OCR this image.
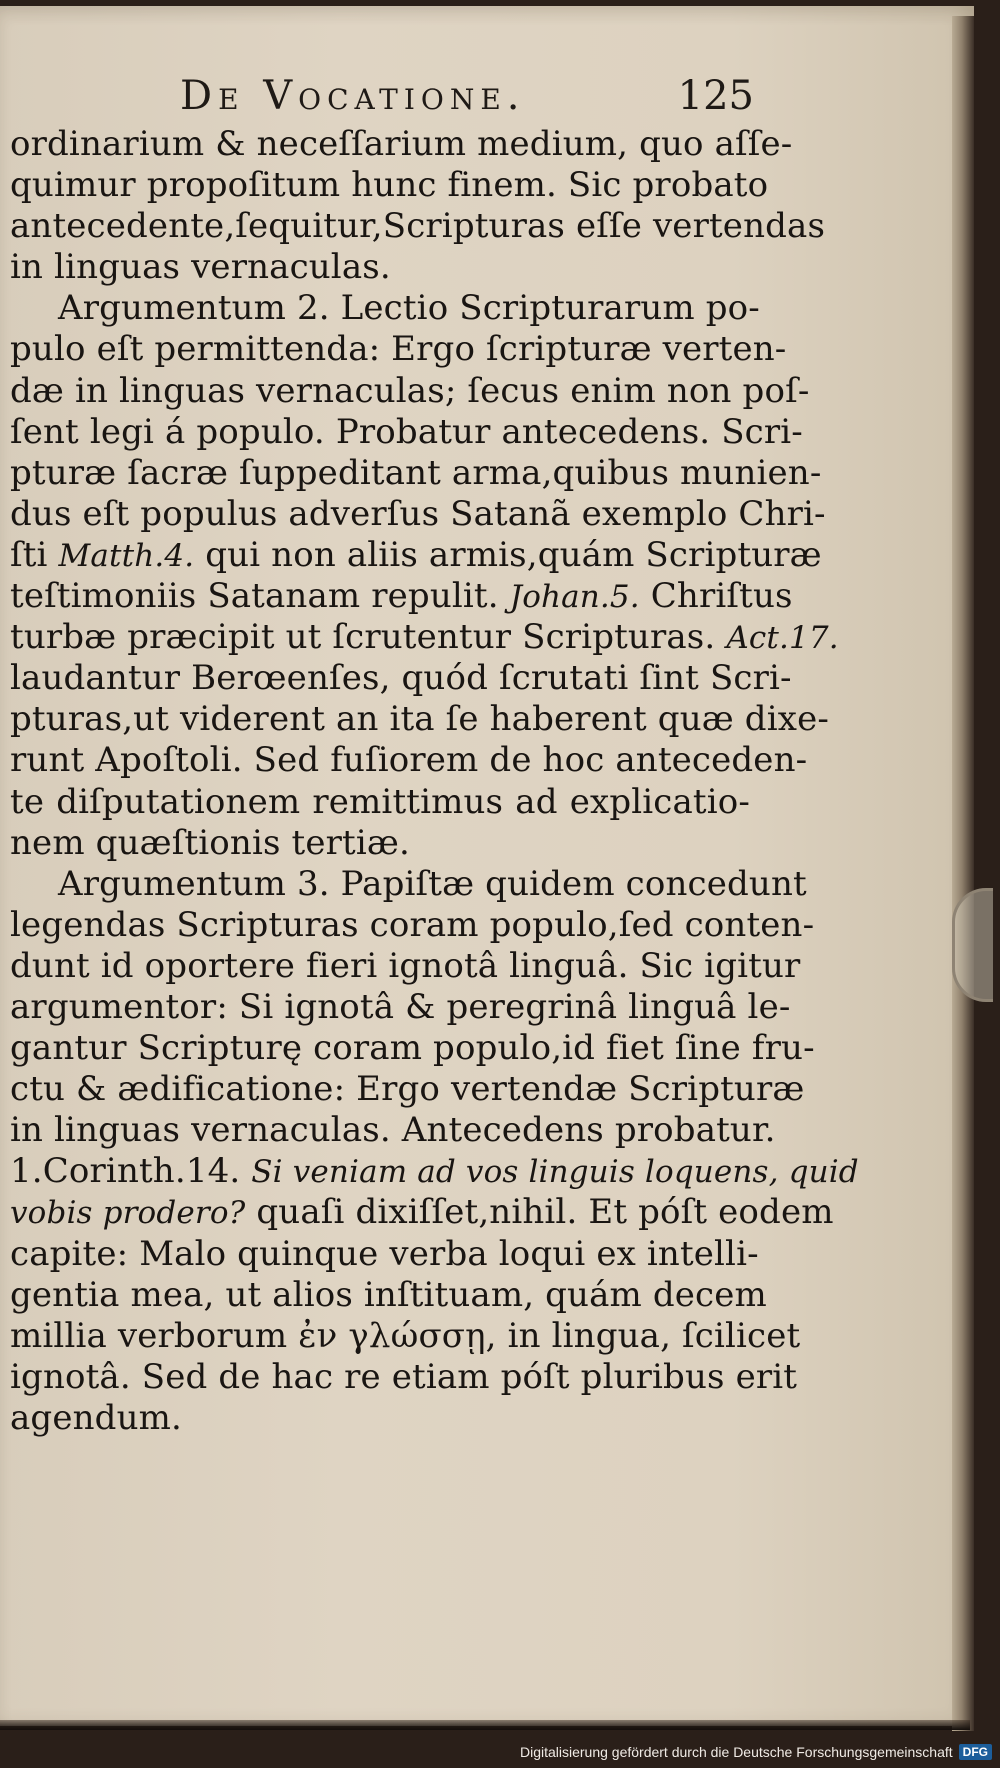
De Vocatione.	125
ordinarium & neceſſarium medium, quo aſſe-
quimur propoſitum hunc finem. Sic probato
antecedente,ſequitur,Scripturas eſſe vertendas
in linguas vernaculas.
Argumentum 2. Lectio Scripturarum po-
pulo eſt permittenda: Ergo ſcripturæ verten-
dæ in linguas vernaculas; ſecus enim non poſ-
ſent legi á populo. Probatur antecedens. Scri-
pturæ ſacræ ſuppeditant arma,quibus munien-
dus eſt populus adverſus Satanã exemplo Chri-
ſti Matth.4. qui non aliis armis,quám Scripturæ
teſtimoniis Satanam repulit. Johan.5. Chriſtus
turbæ præcipit ut ſcrutentur Scripturas. Act.17.
laudantur Berœenſes, quód ſcrutati ſint Scri-
pturas,ut viderent an ita ſe haberent quæ dixe-
runt Apoſtoli. Sed fuſiorem de hoc anteceden-
te diſputationem remittimus ad explicatio-
nem quæſtionis tertiæ.
Argumentum 3. Papiſtæ quidem concedunt
legendas Scripturas coram populo,ſed conten-
dunt id oportere fieri ignotâ linguâ. Sic igitur
argumentor: Si ignotâ & peregrinâ linguâ le-
gantur Scripturę coram populo,id fiet ſine fru-
ctu & ædificatione: Ergo vertendæ Scripturæ
in linguas vernaculas. Antecedens probatur.
1.Corinth.14. Si veniam ad vos linguis loquens, quid
vobis prodero? quaſi dixiſſet,nihil. Et póſt eodem
capite: Malo quinque verba loqui ex intelli-
gentia mea, ut alios inſtituam, quám decem
millia verborum ἐν γλώσσῃ, in lingua, ſcilicet
ignotâ. Sed de hac re etiam póſt pluribus erit
agendum.
Digitalisierung gefördert durch die Deutsche Forschungsgemeinschaft DFG
